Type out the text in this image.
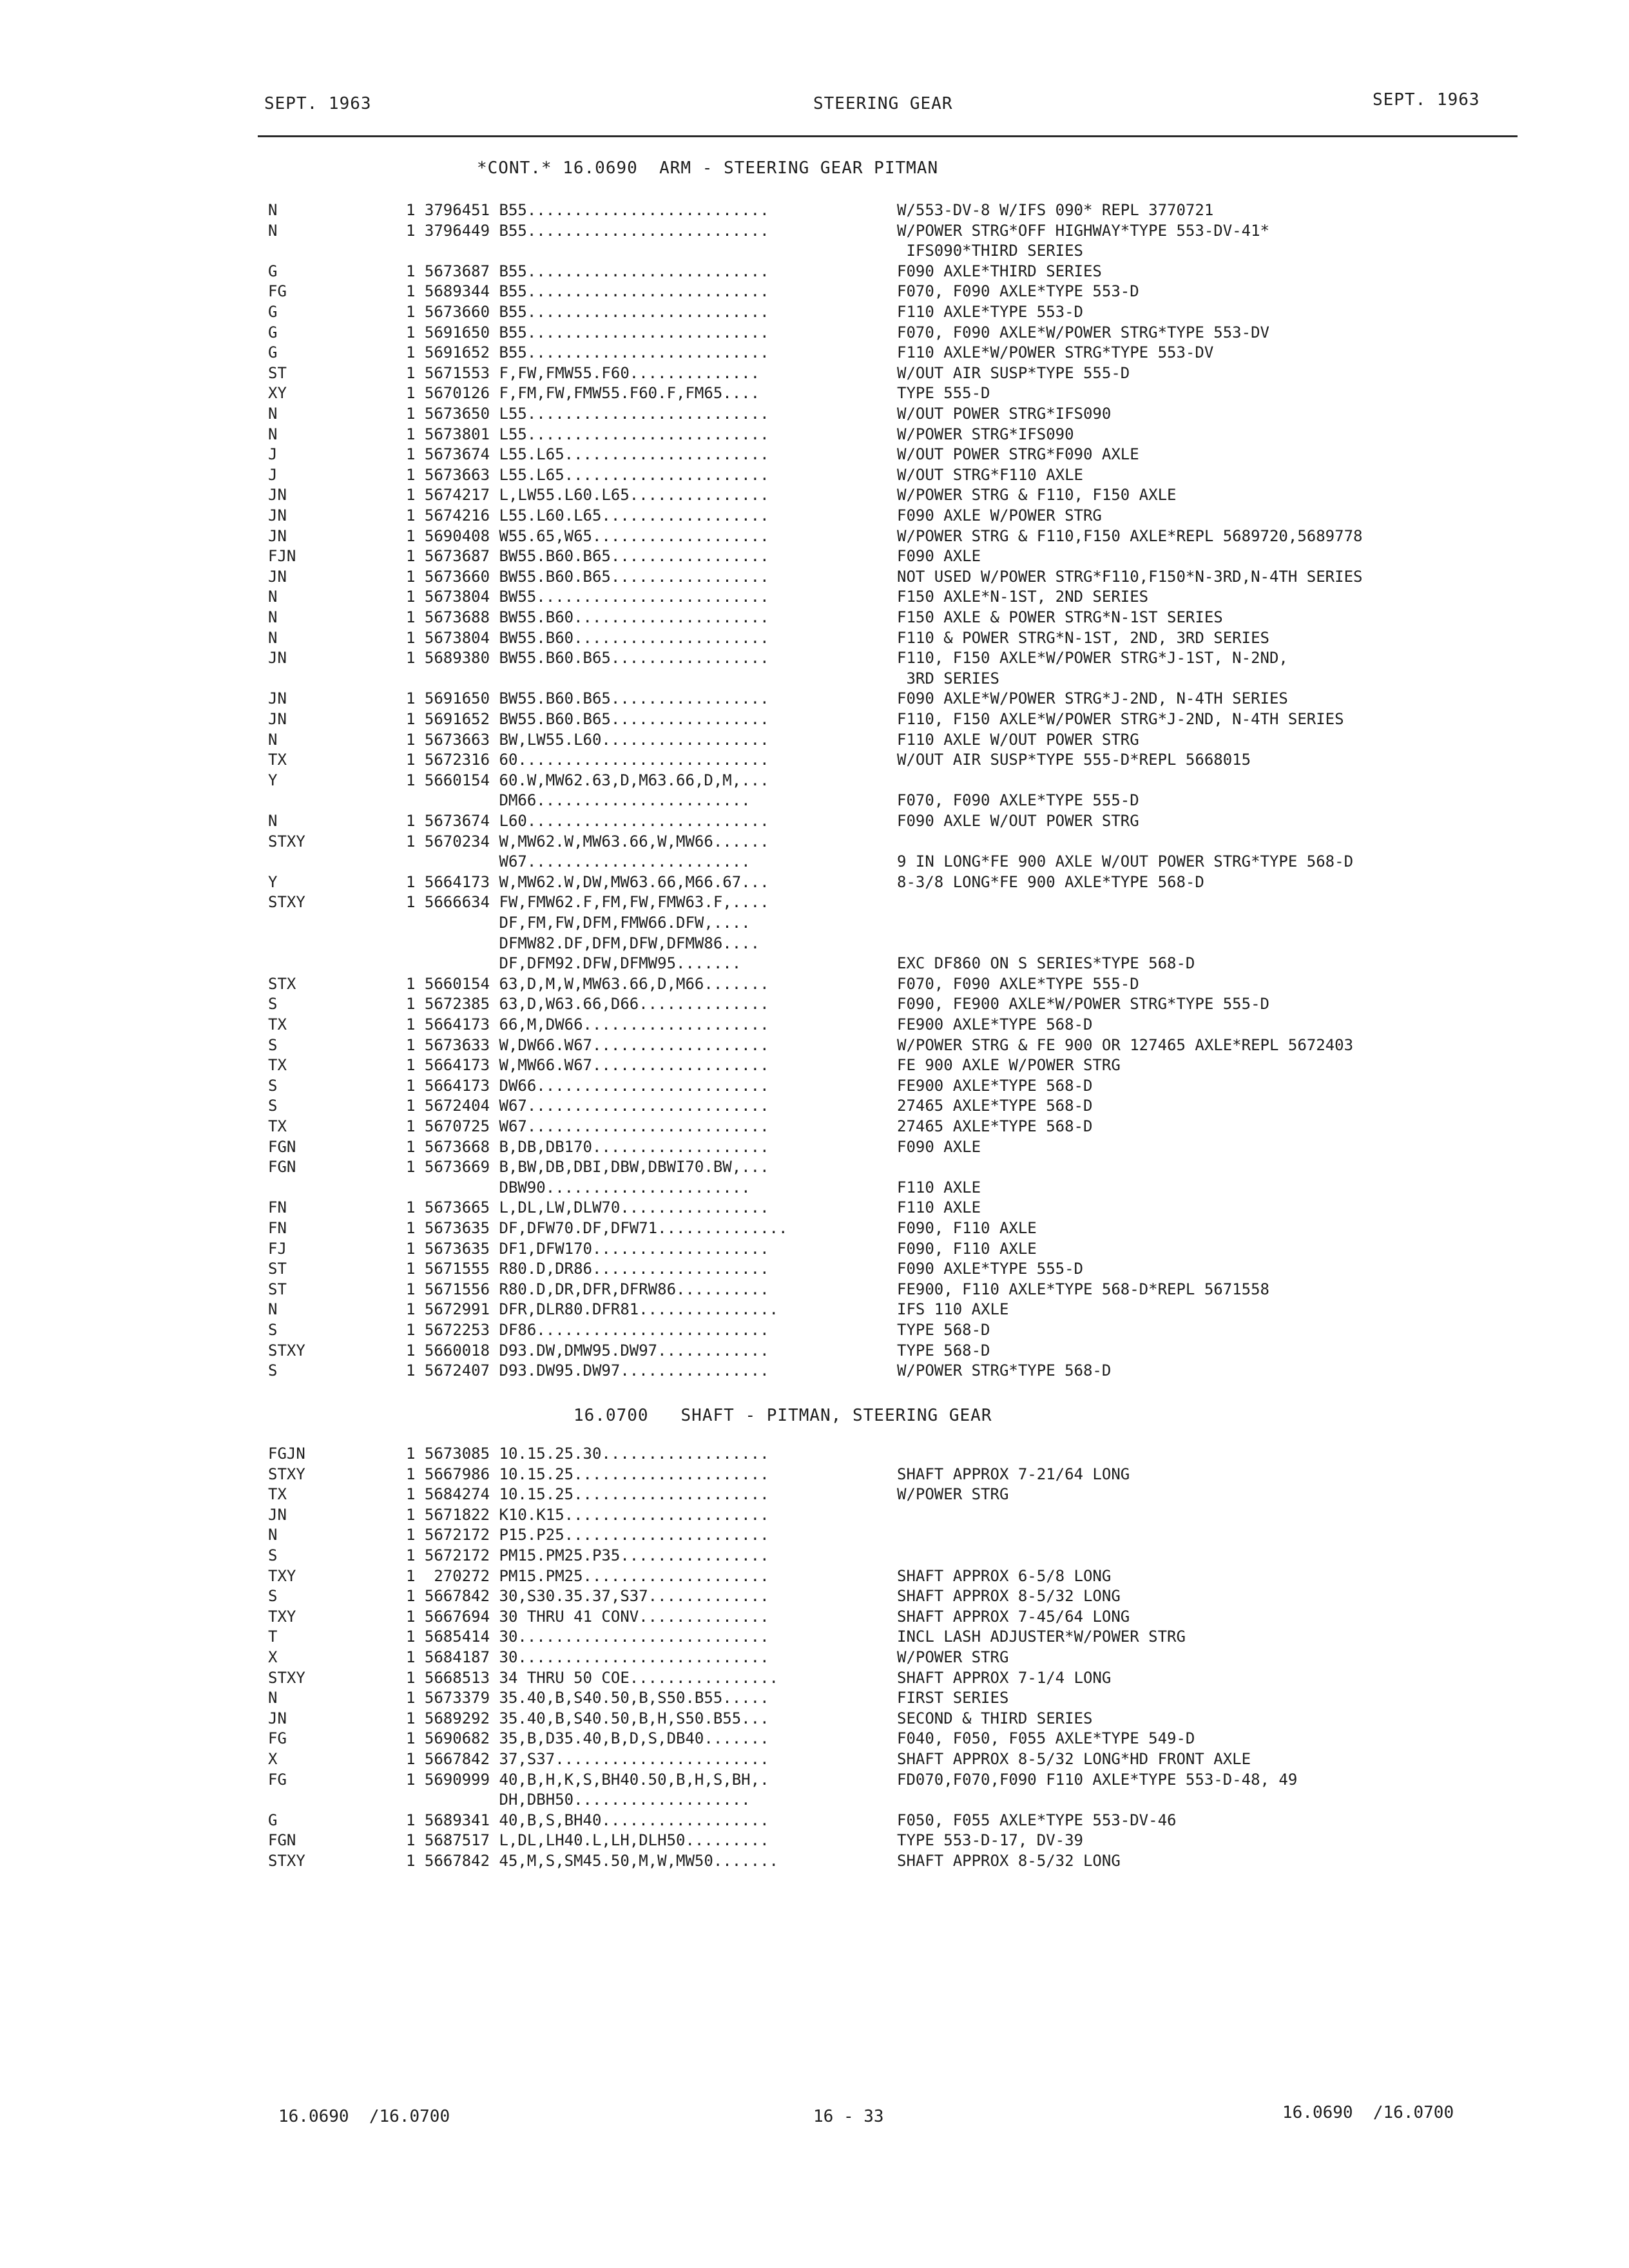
SEPT. 1963	STEERING GEAR	SEPT. 1963
*CONT.* 16.0690  ARM - STEERING GEAR PITMAN
N	1 3796451 B55..........................	W/553-DV-8 W/IFS 090* REPL 3770721
N	1 3796449 B55..........................	W/POWER STRG*OFF HIGHWAY*TYPE 553-DV-41*
IFS090*THIRD SERIES
G	1 5673687 B55..........................	F090 AXLE*THIRD SERIES
FG	1 5689344 B55..........................	F070, F090 AXLE*TYPE 553-D
G	1 5673660 B55..........................	F110 AXLE*TYPE 553-D
G	1 5691650 B55..........................	F070, F090 AXLE*W/POWER STRG*TYPE 553-DV
G	1 5691652 B55..........................	F110 AXLE*W/POWER STRG*TYPE 553-DV
ST	1 5671553 F,FW,FMW55.F60..............	W/OUT AIR SUSP*TYPE 555-D
XY	1 5670126 F,FM,FW,FMW55.F60.F,FM65....	TYPE 555-D
N	1 5673650 L55..........................	W/OUT POWER STRG*IFS090
N	1 5673801 L55..........................	W/POWER STRG*IFS090
J	1 5673674 L55.L65......................	W/OUT POWER STRG*F090 AXLE
J	1 5673663 L55.L65......................	W/OUT STRG*F110 AXLE
JN	1 5674217 L,LW55.L60.L65...............	W/POWER STRG & F110, F150 AXLE
JN	1 5674216 L55.L60.L65..................	F090 AXLE W/POWER STRG
JN	1 5690408 W55.65,W65...................	W/POWER STRG & F110,F150 AXLE*REPL 5689720,5689778
FJN	1 5673687 BW55.B60.B65.................	F090 AXLE
JN	1 5673660 BW55.B60.B65.................	NOT USED W/POWER STRG*F110,F150*N-3RD,N-4TH SERIES
N	1 5673804 BW55.........................	F150 AXLE*N-1ST, 2ND SERIES
N	1 5673688 BW55.B60.....................	F150 AXLE & POWER STRG*N-1ST SERIES
N	1 5673804 BW55.B60.....................	F110 & POWER STRG*N-1ST, 2ND, 3RD SERIES
JN	1 5689380 BW55.B60.B65.................	F110, F150 AXLE*W/POWER STRG*J-1ST, N-2ND,
3RD SERIES
JN	1 5691650 BW55.B60.B65.................	F090 AXLE*W/POWER STRG*J-2ND, N-4TH SERIES
JN	1 5691652 BW55.B60.B65.................	F110, F150 AXLE*W/POWER STRG*J-2ND, N-4TH SERIES
N	1 5673663 BW,LW55.L60..................	F110 AXLE W/OUT POWER STRG
TX	1 5672316 60...........................	W/OUT AIR SUSP*TYPE 555-D*REPL 5668015
Y	1 5660154 60.W,MW62.63,D,M63.66,D,M,...
DM66.......................	F070, F090 AXLE*TYPE 555-D
N	1 5673674 L60..........................	F090 AXLE W/OUT POWER STRG
STXY	1 5670234 W,MW62.W,MW63.66,W,MW66......
W67........................	9 IN LONG*FE 900 AXLE W/OUT POWER STRG*TYPE 568-D
Y	1 5664173 W,MW62.W,DW,MW63.66,M66.67...	8-3/8 LONG*FE 900 AXLE*TYPE 568-D
STXY	1 5666634 FW,FMW62.F,FM,FW,FMW63.F,....
DF,FM,FW,DFM,FMW66.DFW,....
DFMW82.DF,DFM,DFW,DFMW86....
DF,DFM92.DFW,DFMW95.......	EXC DF860 ON S SERIES*TYPE 568-D
STX	1 5660154 63,D,M,W,MW63.66,D,M66.......	F070, F090 AXLE*TYPE 555-D
S	1 5672385 63,D,W63.66,D66..............	F090, FE900 AXLE*W/POWER STRG*TYPE 555-D
TX	1 5664173 66,M,DW66....................	FE900 AXLE*TYPE 568-D
S	1 5673633 W,DW66.W67...................	W/POWER STRG & FE 900 OR 127465 AXLE*REPL 5672403
TX	1 5664173 W,MW66.W67...................	FE 900 AXLE W/POWER STRG
S	1 5664173 DW66.........................	FE900 AXLE*TYPE 568-D
S	1 5672404 W67..........................	27465 AXLE*TYPE 568-D
TX	1 5670725 W67..........................	27465 AXLE*TYPE 568-D
FGN	1 5673668 B,DB,DB170...................	F090 AXLE
FGN	1 5673669 B,BW,DB,DBI,DBW,DBWI70.BW,...
DBW90......................	F110 AXLE
FN	1 5673665 L,DL,LW,DLW70................	F110 AXLE
FN	1 5673635 DF,DFW70.DF,DFW71..............	F090, F110 AXLE
FJ	1 5673635 DF1,DFW170...................	F090, F110 AXLE
ST	1 5671555 R80.D,DR86...................	F090 AXLE*TYPE 555-D
ST	1 5671556 R80.D,DR,DFR,DFRW86..........	FE900, F110 AXLE*TYPE 568-D*REPL 5671558
N	1 5672991 DFR,DLR80.DFR81...............	IFS 110 AXLE
S	1 5672253 DF86.........................	TYPE 568-D
STXY	1 5660018 D93.DW,DMW95.DW97............	TYPE 568-D
S	1 5672407 D93.DW95.DW97................	W/POWER STRG*TYPE 568-D
16.0700   SHAFT - PITMAN, STEERING GEAR
FGJN	1 5673085 10.15.25.30..................
STXY	1 5667986 10.15.25.....................	SHAFT APPROX 7-21/64 LONG
TX	1 5684274 10.15.25.....................	W/POWER STRG
JN	1 5671822 K10.K15......................
N	1 5672172 P15.P25......................
S	1 5672172 PM15.PM25.P35................
TXY	1  270272 PM15.PM25....................	SHAFT APPROX 6-5/8 LONG
S	1 5667842 30,S30.35.37,S37.............	SHAFT APPROX 8-5/32 LONG
TXY	1 5667694 30 THRU 41 CONV..............	SHAFT APPROX 7-45/64 LONG
T	1 5685414 30...........................	INCL LASH ADJUSTER*W/POWER STRG
X	1 5684187 30...........................	W/POWER STRG
STXY	1 5668513 34 THRU 50 COE................	SHAFT APPROX 7-1/4 LONG
N	1 5673379 35.40,B,S40.50,B,S50.B55.....	FIRST SERIES
JN	1 5689292 35.40,B,S40.50,B,H,S50.B55...	SECOND & THIRD SERIES
FG	1 5690682 35,B,D35.40,B,D,S,DB40.......	F040, F050, F055 AXLE*TYPE 549-D
X	1 5667842 37,S37.......................	SHAFT APPROX 8-5/32 LONG*HD FRONT AXLE
FG	1 5690999 40,B,H,K,S,BH40.50,B,H,S,BH,.	FD070,F070,F090 F110 AXLE*TYPE 553-D-48, 49
DH,DBH50...................
G	1 5689341 40,B,S,BH40..................	F050, F055 AXLE*TYPE 553-DV-46
FGN	1 5687517 L,DL,LH40.L,LH,DLH50.........	TYPE 553-D-17, DV-39
STXY	1 5667842 45,M,S,SM45.50,M,W,MW50.......	SHAFT APPROX 8-5/32 LONG
16.0690  /16.0700	16 - 33	16.0690  /16.0700
